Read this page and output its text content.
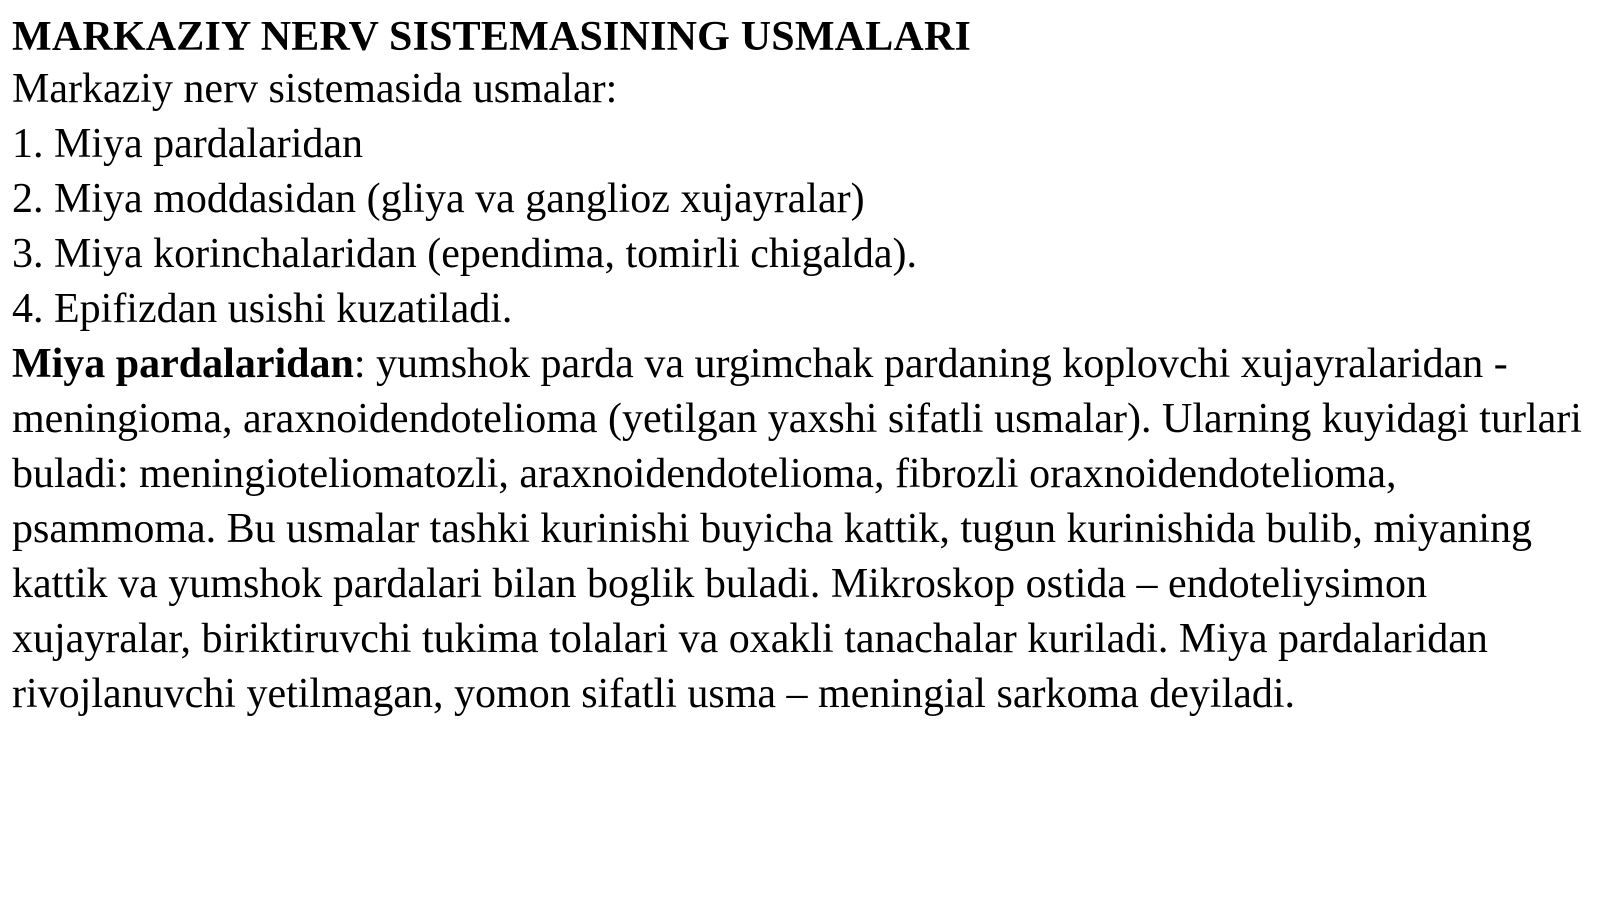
MARKAZIY NERV SISTEMASINING USMALARI
Markaziy nerv sistemasida usmalar:
1. Miya pardalaridan
2. Miya moddasidan (gliya va ganglioz xujayralar)
3. Miya korinchalaridan (ependima, tomirli chigalda).
4. Epifizdan usishi kuzatiladi.

Miya pardalaridan: yumshok parda va urgimchak pardaning koplovchi xujayralaridan - meningioma, araxnoidendotelioma (yetilgan yaxshi sifatli usmalar). Ularning kuyidagi turlari buladi: meningioteliomatozli, araxnoidendotelioma, fibrozli oraxnoidendotelioma, psammoma. Bu usmalar tashki kurinishi buyicha kattik, tugun kurinishida bulib, miyaning kattik va yumshok pardalari bilan boglik buladi. Mikroskop ostida – endoteliysimon xujayralar, biriktiruvchi tukima tolalari va oxakli tanachalar kuriladi. Miya pardalaridan rivojlanuvchi yetilmagan, yomon sifatli usma – meningial sarkoma deyiladi.
